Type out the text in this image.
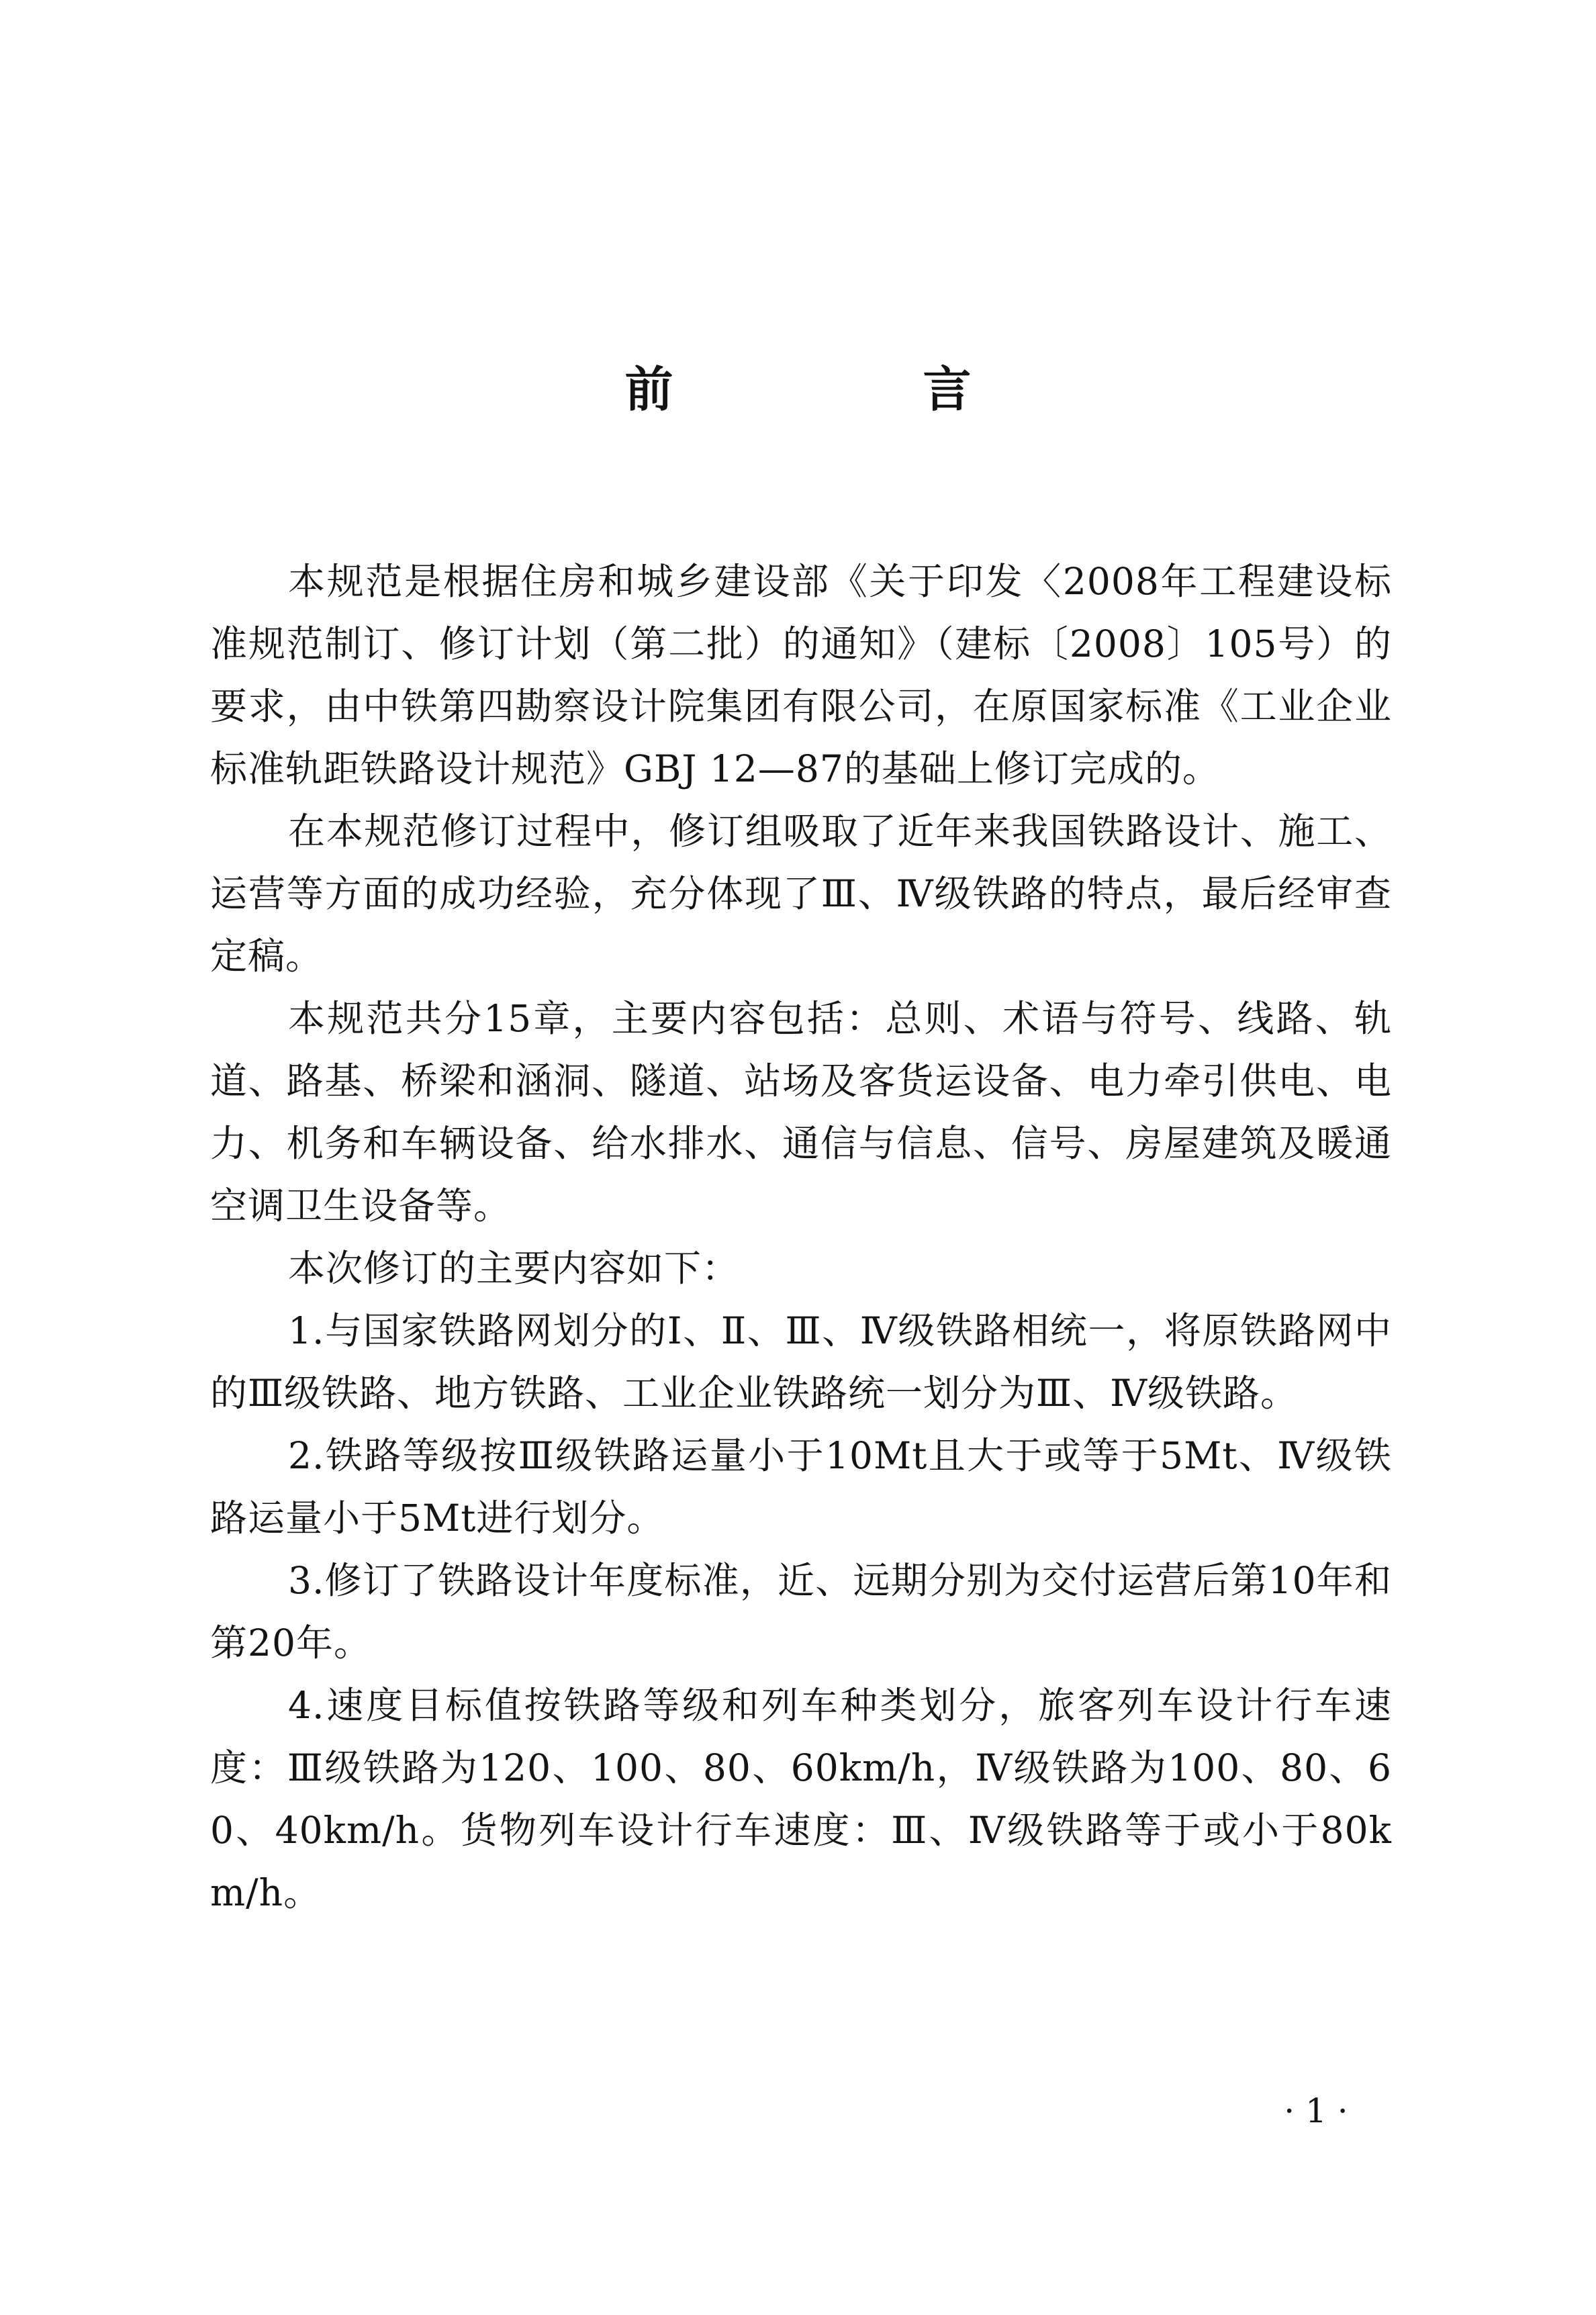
前　言

本规范是根据住房和城乡建设部《关于印发〈2008年工程建设标准规范制订、修订计划（第二批）的通知》（建标〔2008〕105号）的要求，由中铁第四勘察设计院集团有限公司，在原国家标准《工业企业标准轨距铁路设计规范》GBJ 12—87的基础上修订完成的。

在本规范修订过程中，修订组吸取了近年来我国铁路设计、施工、运营等方面的成功经验，充分体现了Ⅲ、Ⅳ级铁路的特点，最后经审查定稿。

本规范共分15章，主要内容包括：总则、术语与符号、线路、轨道、路基、桥梁和涵洞、隧道、站场及客货运设备、电力牵引供电、电力、机务和车辆设备、给水排水、通信与信息、信号、房屋建筑及暖通空调卫生设备等。

本次修订的主要内容如下：

1.与国家铁路网划分的Ⅰ、Ⅱ、Ⅲ、Ⅳ级铁路相统一，将原铁路网中的Ⅲ级铁路、地方铁路、工业企业铁路统一划分为Ⅲ、Ⅳ级铁路。

2.铁路等级按Ⅲ级铁路运量小于10Mt且大于或等于5Mt、Ⅳ级铁路运量小于5Mt进行划分。

3.修订了铁路设计年度标准，近、远期分别为交付运营后第10年和第20年。

4.速度目标值按铁路等级和列车种类划分，旅客列车设计行车速度：Ⅲ级铁路为120、100、80、60km/h，Ⅳ级铁路为100、80、60、40km/h。货物列车设计行车速度：Ⅲ、Ⅳ级铁路等于或小于80km/h。

· 1 ·
